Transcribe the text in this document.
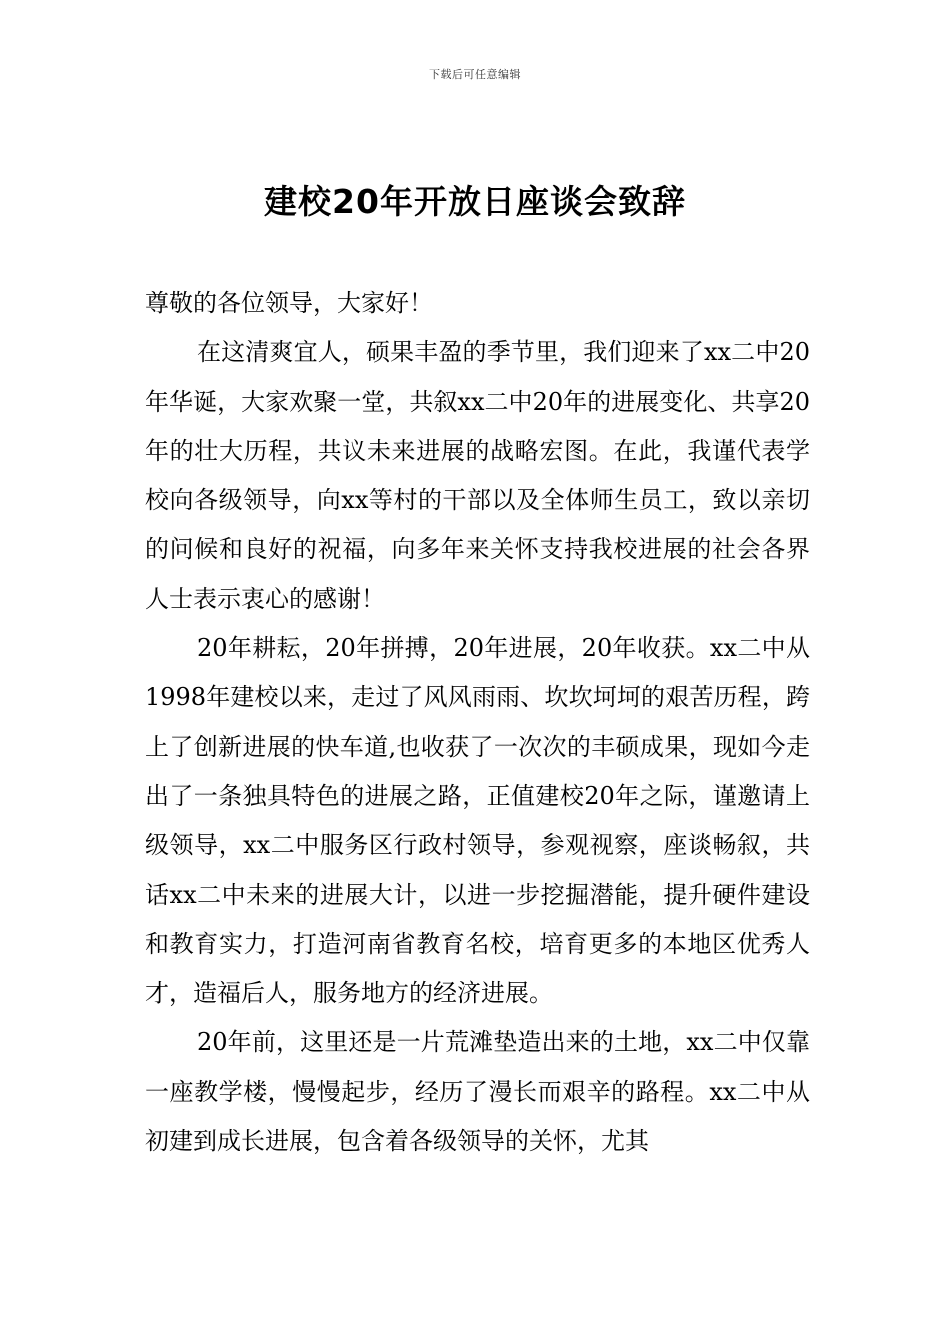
下载后可任意编辑
建校20年开放日座谈会致辞

尊敬的各位领导，大家好！

在这清爽宜人，硕果丰盈的季节里，我们迎来了xx二中20年华诞，大家欢聚一堂，共叙xx二中20年的进展变化、共享20年的壮大历程，共议未来进展的战略宏图。在此，我谨代表学校向各级领导，向xx等村的干部以及全体师生员工，致以亲切的问候和良好的祝福，向多年来关怀支持我校进展的社会各界人士表示衷心的感谢！

20年耕耘，20年拼搏，20年进展，20年收获。xx二中从1998年建校以来，走过了风风雨雨、坎坎坷坷的艰苦历程，跨上了创新进展的快车道,也收获了一次次的丰硕成果，现如今走出了一条独具特色的进展之路，正值建校20年之际，谨邀请上级领导，xx二中服务区行政村领导，参观视察，座谈畅叙，共话xx二中未来的进展大计，以进一步挖掘潜能，提升硬件建设和教育实力，打造河南省教育名校，培育更多的本地区优秀人才，造福后人，服务地方的经济进展。

20年前，这里还是一片荒滩垫造出来的土地，xx二中仅靠一座教学楼，慢慢起步，经历了漫长而艰辛的路程。xx二中从初建到成长进展，包含着各级领导的关怀，尤其
